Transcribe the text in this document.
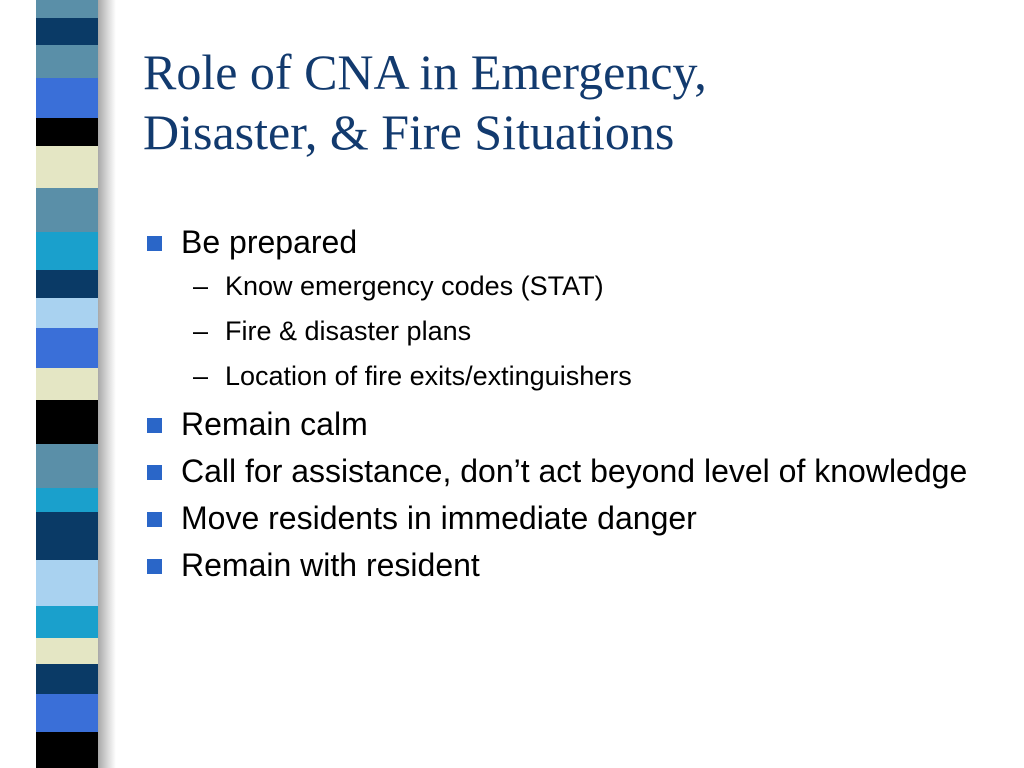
Role of CNA in Emergency,
Disaster, & Fire Situations
Be prepared
– Know emergency codes (STAT)
– Fire & disaster plans
– Location of fire exits/extinguishers
Remain calm
Call for assistance, don’t act beyond level of knowledge
Move residents in immediate danger
Remain with resident
